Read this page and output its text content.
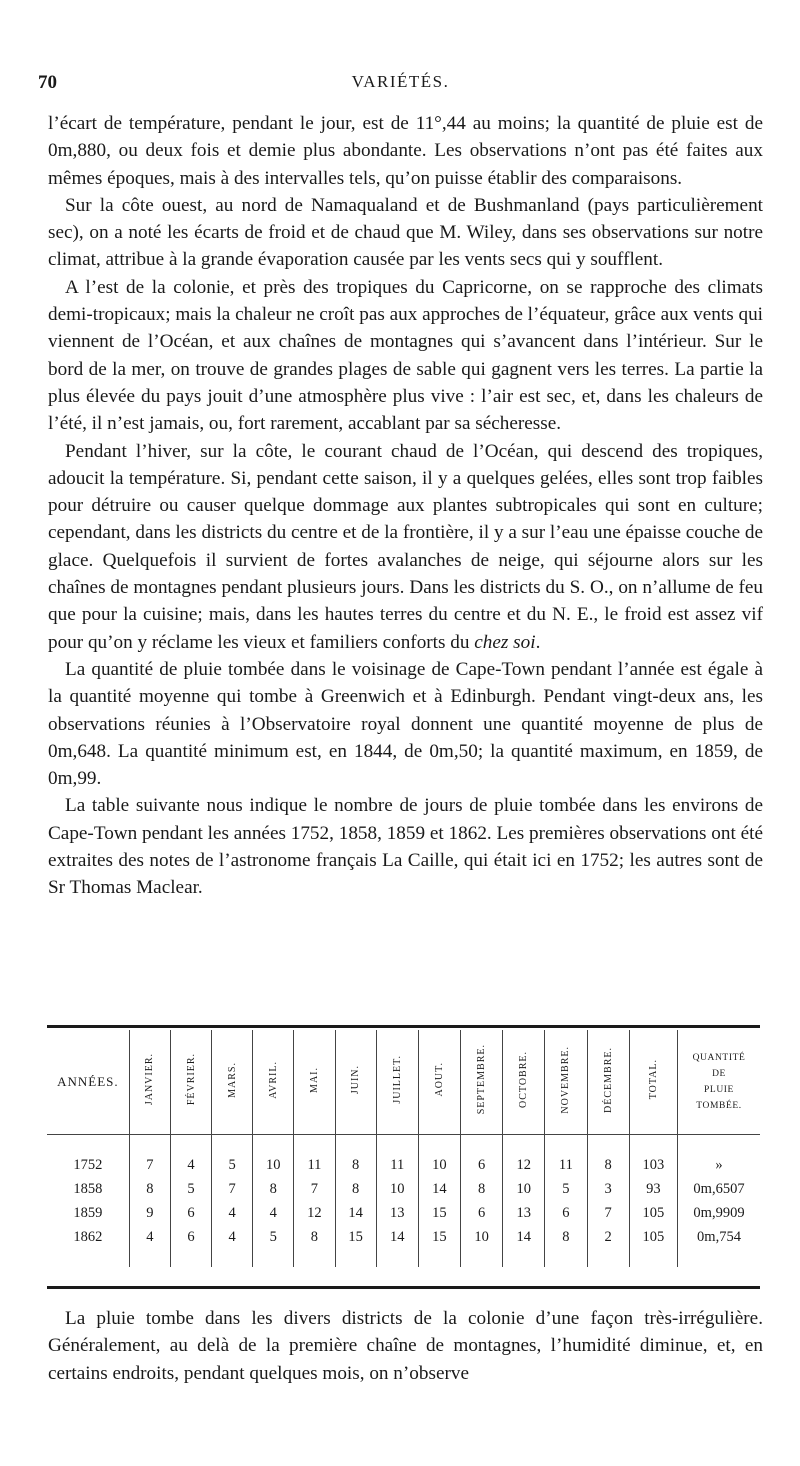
70	VARIÉTÉS.

l’écart de température, pendant le jour, est de 11°,44 au moins; la quantité de pluie est de 0m,880, ou deux fois et demie plus abondante. Les observations n’ont pas été faites aux mêmes époques, mais à des intervalles tels, qu’on puisse établir des comparaisons.

Sur la côte ouest, au nord de Namaqualand et de Bushmanland (pays particulièrement sec), on a noté les écarts de froid et de chaud que M. Wiley, dans ses observations sur notre climat, attribue à la grande évaporation causée par les vents secs qui y soufflent.

A l’est de la colonie, et près des tropiques du Capricorne, on se rapproche des climats demi-tropicaux; mais la chaleur ne croît pas aux approches de l’équateur, grâce aux vents qui viennent de l’Océan, et aux chaînes de montagnes qui s’avancent dans l’intérieur. Sur le bord de la mer, on trouve de grandes plages de sable qui gagnent vers les terres. La partie la plus élevée du pays jouit d’une atmosphère plus vive : l’air est sec, et, dans les chaleurs de l’été, il n’est jamais, ou, fort rarement, accablant par sa sécheresse.

Pendant l’hiver, sur la côte, le courant chaud de l’Océan, qui descend des tropiques, adoucit la température. Si, pendant cette saison, il y a quelques gelées, elles sont trop faibles pour détruire ou causer quelque dommage aux plantes subtropicales qui sont en culture; cependant, dans les districts du centre et de la frontière, il y a sur l’eau une épaisse couche de glace. Quelquefois il survient de fortes avalanches de neige, qui séjourne alors sur les chaînes de montagnes pendant plusieurs jours. Dans les districts du S. O., on n’allume de feu que pour la cuisine; mais, dans les hautes terres du centre et du N. E., le froid est assez vif pour qu’on y réclame les vieux et familiers conforts du chez soi.

La quantité de pluie tombée dans le voisinage de Cape-Town pendant l’année est égale à la quantité moyenne qui tombe à Greenwich et à Edinburgh. Pendant vingt-deux ans, les observations réunies à l’Observatoire royal donnent une quantité moyenne de plus de 0m,648. La quantité minimum est, en 1844, de 0m,50; la quantité maximum, en 1859, de 0m,99.

La table suivante nous indique le nombre de jours de pluie tombée dans les environs de Cape-Town pendant les années 1752, 1858, 1859 et 1862. Les premières observations ont été extraites des notes de l’astronome français La Caille, qui était ici en 1752; les autres sont de Sr Thomas Maclear.

ANNÉES.	JANVIER.	FÉVRIER.	MARS.	AVRIL.	MAI.	JUIN.	JUILLET.	AOUT.	SEPTEMBRE.	OCTOBRE.	NOVEMBRE.	DÉCEMBRE.	TOTAL.	QUANTITÉ
DE
PLUIE
TOMBÉE.

1752	7	4	5	10	11	8	11	10	6	12	11	8	103	»
1858	8	5	7	8	7	8	10	14	8	10	5	3	93	0m,6507
1859	9	6	4	4	12	14	13	15	6	13	6	7	105	0m,9909
1862	4	6	4	5	8	15	14	15	10	14	8	2	105	0m,754

La pluie tombe dans les divers districts de la colonie d’une façon très-irrégulière. Généralement, au delà de la première chaîne de montagnes, l’humidité diminue, et, en certains endroits, pendant quelques mois, on n’observe
